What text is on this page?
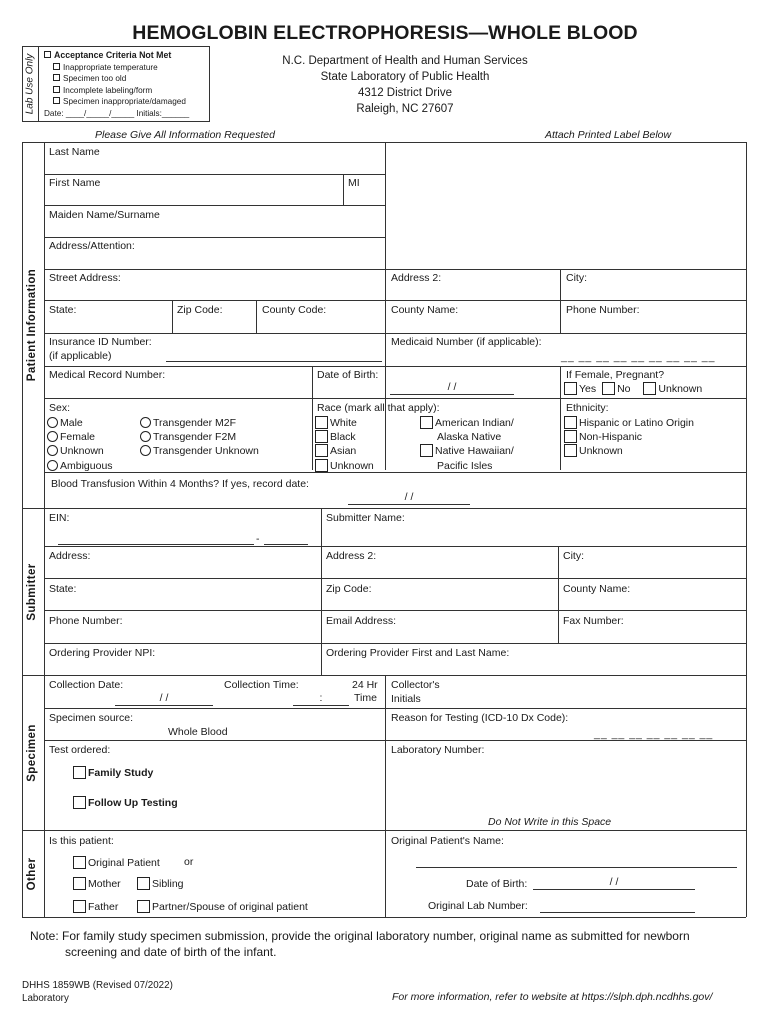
HEMOGLOBIN ELECTROPHORESIS—WHOLE BLOOD
N.C. Department of Health and Human Services
State Laboratory of Public Health
4312 District Drive
Raleigh, NC 27607
Lab Use Only	Acceptance Criteria Not Met
Inappropriate temperature
Specimen too old
Incomplete labeling/form
Specimen inappropriate/damaged
Date: ____/_____/_____ Initials:______
Please Give All Information Requested	Attach Printed Label Below
Patient Information
Last Name
First Name	MI
Maiden Name/Surname
Address/Attention:
Street Address:	Address 2:	City:
State:	Zip Code:	County Code:	County Name:	Phone Number:
Insurance ID Number:
(if applicable)
Medicaid Number (if applicable):
__ __ __ __ __ __ __ __ __
Medical Record Number:	Date of Birth:
/ /
If Female, Pregnant?
Yes No	Unknown
Sex:
Male
Female
Unknown
Ambiguous
Transgender M2F
Transgender F2M
Transgender Unknown
Race (mark all that apply):
White
Black
Asian
Unknown
American Indian/
Alaska Native
Native Hawaiian/
Pacific Isles
Ethnicity:
Hispanic or Latino Origin
Non-Hispanic
Unknown
Blood Transfusion Within 4 Months? If yes, record date:
/ /
Submitter
EIN:
-
Submitter Name:
Address:	Address 2:	City:
State:	Zip Code:	County Name:
Phone Number:	Email Address:	Fax Number:
Ordering Provider NPI:	Ordering Provider First and Last Name:
Specimen
Collection Date:
/ /
Collection Time:
:
24 Hr
Time
Collector's
Initials
Specimen source:
Whole Blood
Reason for Testing (ICD-10 Dx Code):
__ __ __ __ __ __ __
Test ordered:
Family Study
Follow Up Testing
Laboratory Number:
Do Not Write in this Space
Other
Is this patient:
Original Patient or
Mother	Sibling
Father	Partner/Spouse of original patient
Original Patient's Name:
Date of Birth:	/ /
Original Lab Number:
Note: For family study specimen submission, provide the original laboratory number, original name as submitted for newborn
screening and date of birth of the infant.
DHHS 1859WB (Revised 07/2022)
Laboratory	For more information, refer to website at https://slph.dph.ncdhhs.gov/
